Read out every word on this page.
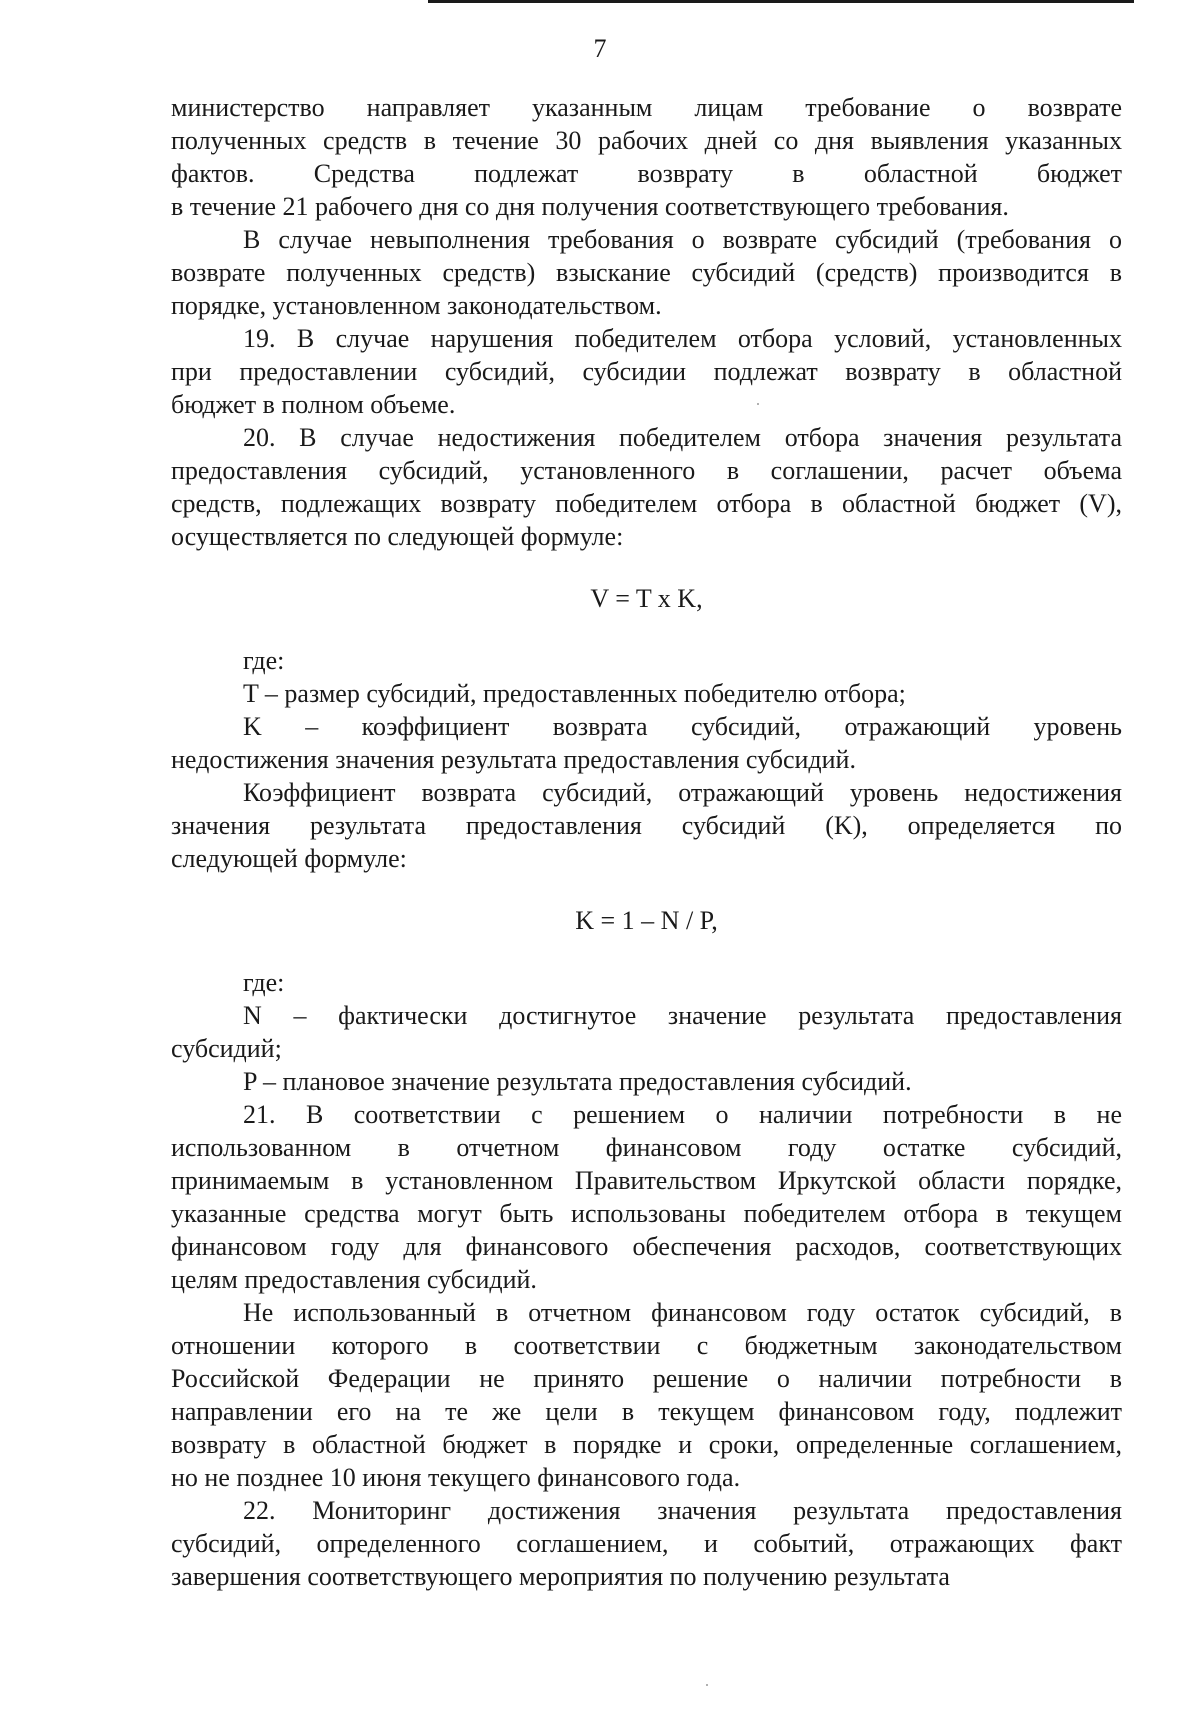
7

министерство направляет указанным лицам требование о возврате
полученных средств в течение 30 рабочих дней со дня выявления указанных
фактов. Средства подлежат возврату в областной бюджет
в течение 21 рабочего дня со дня получения соответствующего требования.

В случае невыполнения требования о возврате субсидий (требования о
возврате полученных средств) взыскание субсидий (средств) производится в
порядке, установленном законодательством.

19. В случае нарушения победителем отбора условий, установленных
при предоставлении субсидий, субсидии подлежат возврату в областной
бюджет в полном объеме.

20. В случае недостижения победителем отбора значения результата
предоставления субсидий, установленного в соглашении, расчет объема
средств, подлежащих возврату победителем отбора в областной бюджет (V),
осуществляется по следующей формуле:

V = T x K,

где:

T – размер субсидий, предоставленных победителю отбора;

K – коэффициент возврата субсидий, отражающий уровень
недостижения значения результата предоставления субсидий.

Коэффициент возврата субсидий, отражающий уровень недостижения
значения результата предоставления субсидий (K), определяется по
следующей формуле:

K = 1 – N / P,

где:

N – фактически достигнутое значение результата предоставления
субсидий;

P – плановое значение результата предоставления субсидий.

21. В соответствии с решением о наличии потребности в не
использованном в отчетном финансовом году остатке субсидий,
принимаемым в установленном Правительством Иркутской области порядке,
указанные средства могут быть использованы победителем отбора в текущем
финансовом году для финансового обеспечения расходов, соответствующих
целям предоставления субсидий.

Не использованный в отчетном финансовом году остаток субсидий, в
отношении которого в соответствии с бюджетным законодательством
Российской Федерации не принято решение о наличии потребности в
направлении его на те же цели в текущем финансовом году, подлежит
возврату в областной бюджет в порядке и сроки, определенные соглашением,
но не позднее 10 июня текущего финансового года.

22. Мониторинг достижения значения результата предоставления
субсидий, определенного соглашением, и событий, отражающих факт
завершения соответствующего мероприятия по получению результата
